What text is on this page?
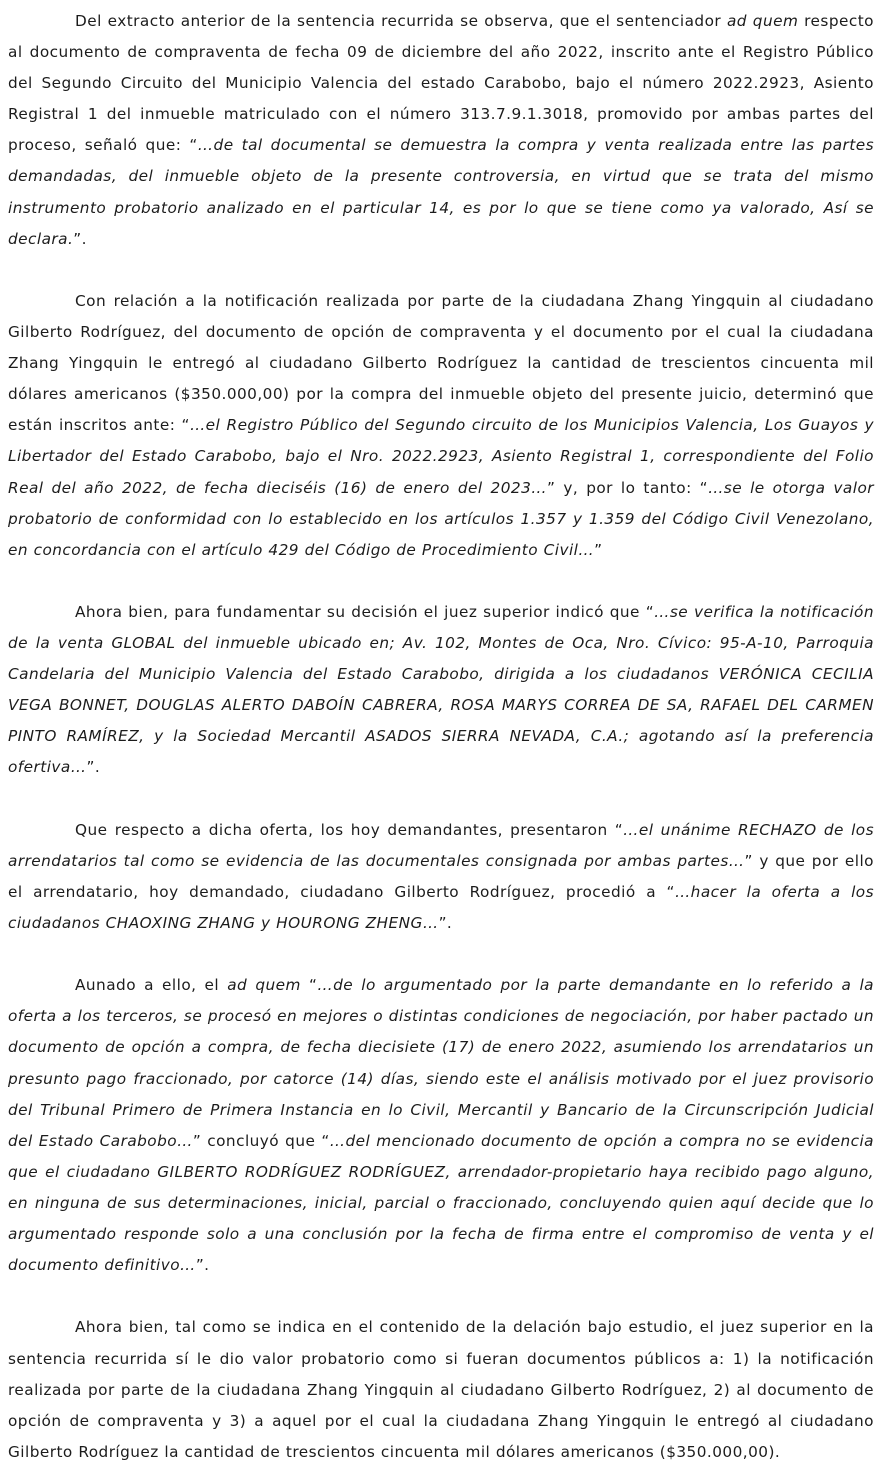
Del extracto anterior de la sentencia recurrida se observa, que el sentenciador ad quem respecto al documento de compraventa de fecha 09 de diciembre del año 2022, inscrito ante el Registro Público del Segundo Circuito del Municipio Valencia del estado Carabobo, bajo el número 2022.2923, Asiento Registral 1 del inmueble matriculado con el número 313.7.9.1.3018, promovido por ambas partes del proceso, señaló que: “…de tal documental se demuestra la compra y venta realizada entre las partes demandadas, del inmueble objeto de la presente controversia, en virtud que se trata del mismo instrumento probatorio analizado en el particular 14, es por lo que se tiene como ya valorado, Así se declara.”.

Con relación a la notificación realizada por parte de la ciudadana Zhang Yingquin al ciudadano Gilberto Rodríguez, del documento de opción de compraventa y el documento por el cual la ciudadana Zhang Yingquin le entregó al ciudadano Gilberto Rodríguez la cantidad de trescientos cincuenta mil dólares americanos ($350.000,00) por la compra del inmueble objeto del presente juicio, determinó que están inscritos ante: “…el Registro Público del Segundo circuito de los Municipios Valencia, Los Guayos y Libertador del Estado Carabobo, bajo el Nro. 2022.2923, Asiento Registral 1, correspondiente del Folio Real del año 2022, de fecha dieciséis (16) de enero del 2023…” y, por lo tanto: “…se le otorga valor probatorio de conformidad con lo establecido en los artículos 1.357 y 1.359 del Código Civil Venezolano, en concordancia con el artículo 429 del Código de Procedimiento Civil…”

Ahora bien, para fundamentar su decisión el juez superior indicó que “…se verifica la notificación de la venta GLOBAL del inmueble ubicado en; Av. 102, Montes de Oca, Nro. Cívico: 95-A-10, Parroquia Candelaria del Municipio Valencia del Estado Carabobo, dirigida a los ciudadanos VERÓNICA CECILIA VEGA BONNET, DOUGLAS ALERTO DABOÍN CABRERA, ROSA MARYS CORREA DE SA, RAFAEL DEL CARMEN PINTO RAMÍREZ, y la Sociedad Mercantil ASADOS SIERRA NEVADA, C.A.; agotando así la preferencia ofertiva…”.

Que respecto a dicha oferta, los hoy demandantes, presentaron “…el unánime RECHAZO de los arrendatarios tal como se evidencia de las documentales consignada por ambas partes…” y que por ello el arrendatario, hoy demandado, ciudadano Gilberto Rodríguez, procedió a “…hacer la oferta a los ciudadanos CHAOXING ZHANG y HOURONG ZHENG…”.

Aunado a ello, el ad quem “…de lo argumentado por la parte demandante en lo referido a la oferta a los terceros, se procesó en mejores o distintas condiciones de negociación, por haber pactado un documento de opción a compra, de fecha diecisiete (17) de enero 2022, asumiendo los arrendatarios un presunto pago fraccionado, por catorce (14) días, siendo este el análisis motivado por el juez provisorio del Tribunal Primero de Primera Instancia en lo Civil, Mercantil y Bancario de la Circunscripción Judicial del Estado Carabobo…” concluyó que “…del mencionado documento de opción a compra no se evidencia que el ciudadano GILBERTO RODRÍGUEZ RODRÍGUEZ, arrendador-propietario haya recibido pago alguno, en ninguna de sus determinaciones, inicial, parcial o fraccionado, concluyendo quien aquí decide que lo argumentado responde solo a una conclusión por la fecha de firma entre el compromiso de venta y el documento definitivo…”.

Ahora bien, tal como se indica en el contenido de la delación bajo estudio, el juez superior en la sentencia recurrida sí le dio valor probatorio como si fueran documentos públicos a: 1) la notificación realizada por parte de la ciudadana Zhang Yingquin al ciudadano Gilberto Rodríguez, 2) al documento de opción de compraventa y 3) a aquel por el cual la ciudadana Zhang Yingquin le entregó al ciudadano Gilberto Rodríguez la cantidad de trescientos cincuenta mil dólares americanos ($350.000,00).
